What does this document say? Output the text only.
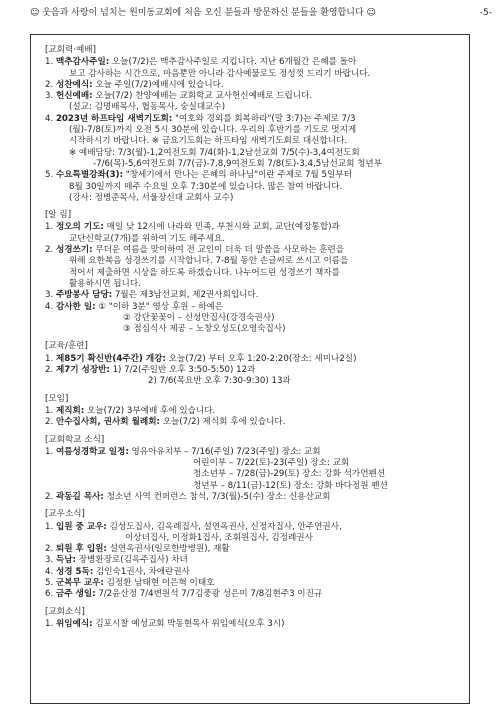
☺ 웃음과 사랑이 넘치는 원미동교회에 처음 오신 분들과 방문하신 분들을 환영합니다 ☺	-5-
[교회력·예배]
1. 맥추감사주일: 오늘(7/2)은 맥추감사주일로 지킵니다. 지난 6개월간 은혜를 돌아
보고 감사하는 시간으로, 마음뿐만 아니라 감사예물로도 정성껏 드리기 바랍니다.
2. 성찬예식: 오늘 주일(7/2)예배시에 있습니다.
3. 헌신예배: 오늘(7/2) 찬양예배는 교회학교 교사헌신예배로 드립니다.
(설교: 김명배목사, 협동목사, 숭실대교수)
4. 2023년 하프타임 새벽기도회: "여호와 경외를 회복하라"(말 3:7)는 주제로 7/3
(월)-7/8(토)까지 오전 5시 30분에 있습니다. 우리의 후반기를 기도로 멋지게
시작하시기 바랍니다. ※ 금요기도회는 하프타임 새벽기도회로 대신합니다.
※ 예배담당: 7/3(월)-1,2여전도회 7/4(화)-1,2남선교회 7/5(수)-3,4여전도회
-7/6(목)-5,6여전도회 7/7(금)-7,8,9여전도회 7/8(토)-3,4,5남선교회 청년부
5. 수요특별강좌(3): "창세기에서 만나는 은혜의 하나님"이란 주제로 7월 5일부터
8월 30일까지 매주 수요일 오후 7:30분에 있습니다. 많은 참여 바랍니다.
(강사: 정병준목사, 서울장신대 교회사 교수)
[알 림]
1. 정오의 기도: 매일 낮 12시에 나라와 민족, 부천시와 교회, 교단(예장통합)과
교단신학교(7개)를 위하여 기도 해주세요.
2. 성경쓰기: 무더운 여름을 맞이하여 전 교인이 더욱 더 말씀을 사모하는 훈련을
위해 요한복음 성경쓰기를 시작합니다. 7-8월 동안 손글씨로 쓰시고 이름을
적어서 제출하면 시상을 하도록 하겠습니다. 나누어드린 성경쓰기 책자를
활용하시면 됩니다.
3. 주방봉사 담당: 7월은 제3남선교회, 제2권사회입니다.
4. 감사한 일: ① "이하 3분" 영상 후원 – 하예은
② 강단꽃꽂이 – 신성만집사(강경숙권사)
③ 점심식사 제공 – 노창오성도(오영숙집사)
[교육/훈련]
1. 제85기 확신반(4주간) 개강: 오늘(7/2) 부터 오후 1:20-2:20(장소: 세미나2실)
2. 제7기 성장반: 1) 7/2(주일반 오후 3:50-5:50) 12과
2) 7/6(목요반 오후 7:30-9:30) 13과
[모임]
1. 제직회: 오늘(7/2) 3부예배 후에 있습니다.
2. 안수집사회, 권사회 월례회: 오늘(7/2) 제식회 후에 있습니다.
[교회학교 소식]
1. 여름성경학교 일정: 영유아유치부 – 7/16(주일) 7/23(주일) 장소: 교회
어린이부 – 7/22(토)-23(주일) 장소: 교회
청소년부 – 7/28(금)-29(토) 장소: 강화 석가언펜션
청년부 – 8/11(금)-12(토) 장소: 강화 바다정원 펜션
2. 곽동길 목사: 청소년 사역 컨퍼런스 참석, 7/3(월)-5(수) 장소: 신용산교회
[교우소식]
1. 입원 중 교우: 김성도집사, 김옥례집사, 설연옥권사, 신정자집사, 안주연권사,
이상녀집사, 이정화1집사, 조휘원집사, 김정례권사
2. 퇴원 후 입원: 설연옥권사(일로한방병원), 재활
3. 득남: 장병환장로(김옥주집사) 차녀
4. 성경 5독: 김인숙1권사, 차애란권사
5. 군복무 교우: 김정환 남태현 이은혁 이태호
6. 금주 생일: 7/2윤산정 7/4변원석 7/7김중광 성은미 7/8김현주3 이진규
[교회소식]
1. 위임예식: 김포시찰 예성교회 박동현목사 위임예식(오후 3시)
